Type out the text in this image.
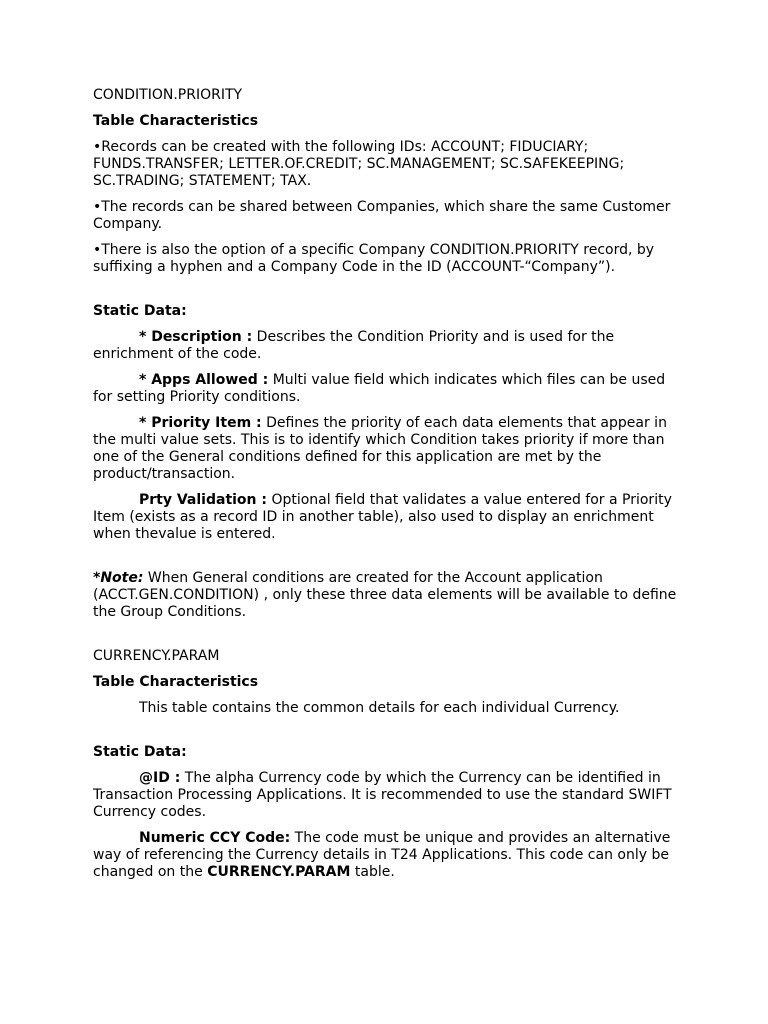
CONDITION.PRIORITY

Table Characteristics

•Records can be created with the following IDs: ACCOUNT; FIDUCIARY; FUNDS.TRANSFER; LETTER.OF.CREDIT; SC.MANAGEMENT; SC.SAFEKEEPING; SC.TRADING; STATEMENT; TAX.

•The records can be shared between Companies, which share the same Customer Company.

•There is also the option of a specific Company CONDITION.PRIORITY record, by suffixing a hyphen and a Company Code in the ID (ACCOUNT-“Company”).

Static Data:

* Description : Describes the Condition Priority and is used for the enrichment of the code.

* Apps Allowed : Multi value field which indicates which files can be used for setting Priority conditions.

* Priority Item : Defines the priority of each data elements that appear in the multi value sets. This is to identify which Condition takes priority if more than one of the General conditions defined for this application are met by the product/transaction.

Prty Validation : Optional field that validates a value entered for a Priority Item (exists as a record ID in another table), also used to display an enrichment when thevalue is entered.

*Note: When General conditions are created for the Account application (ACCT.GEN.CONDITION) , only these three data elements will be available to define the Group Conditions.

CURRENCY.PARAM

Table Characteristics

This table contains the common details for each individual Currency.

Static Data:

@ID : The alpha Currency code by which the Currency can be identified in Transaction Processing Applications. It is recommended to use the standard SWIFT Currency codes.

Numeric CCY Code: The code must be unique and provides an alternative way of referencing the Currency details in T24 Applications. This code can only be changed on the CURRENCY.PARAM table.
